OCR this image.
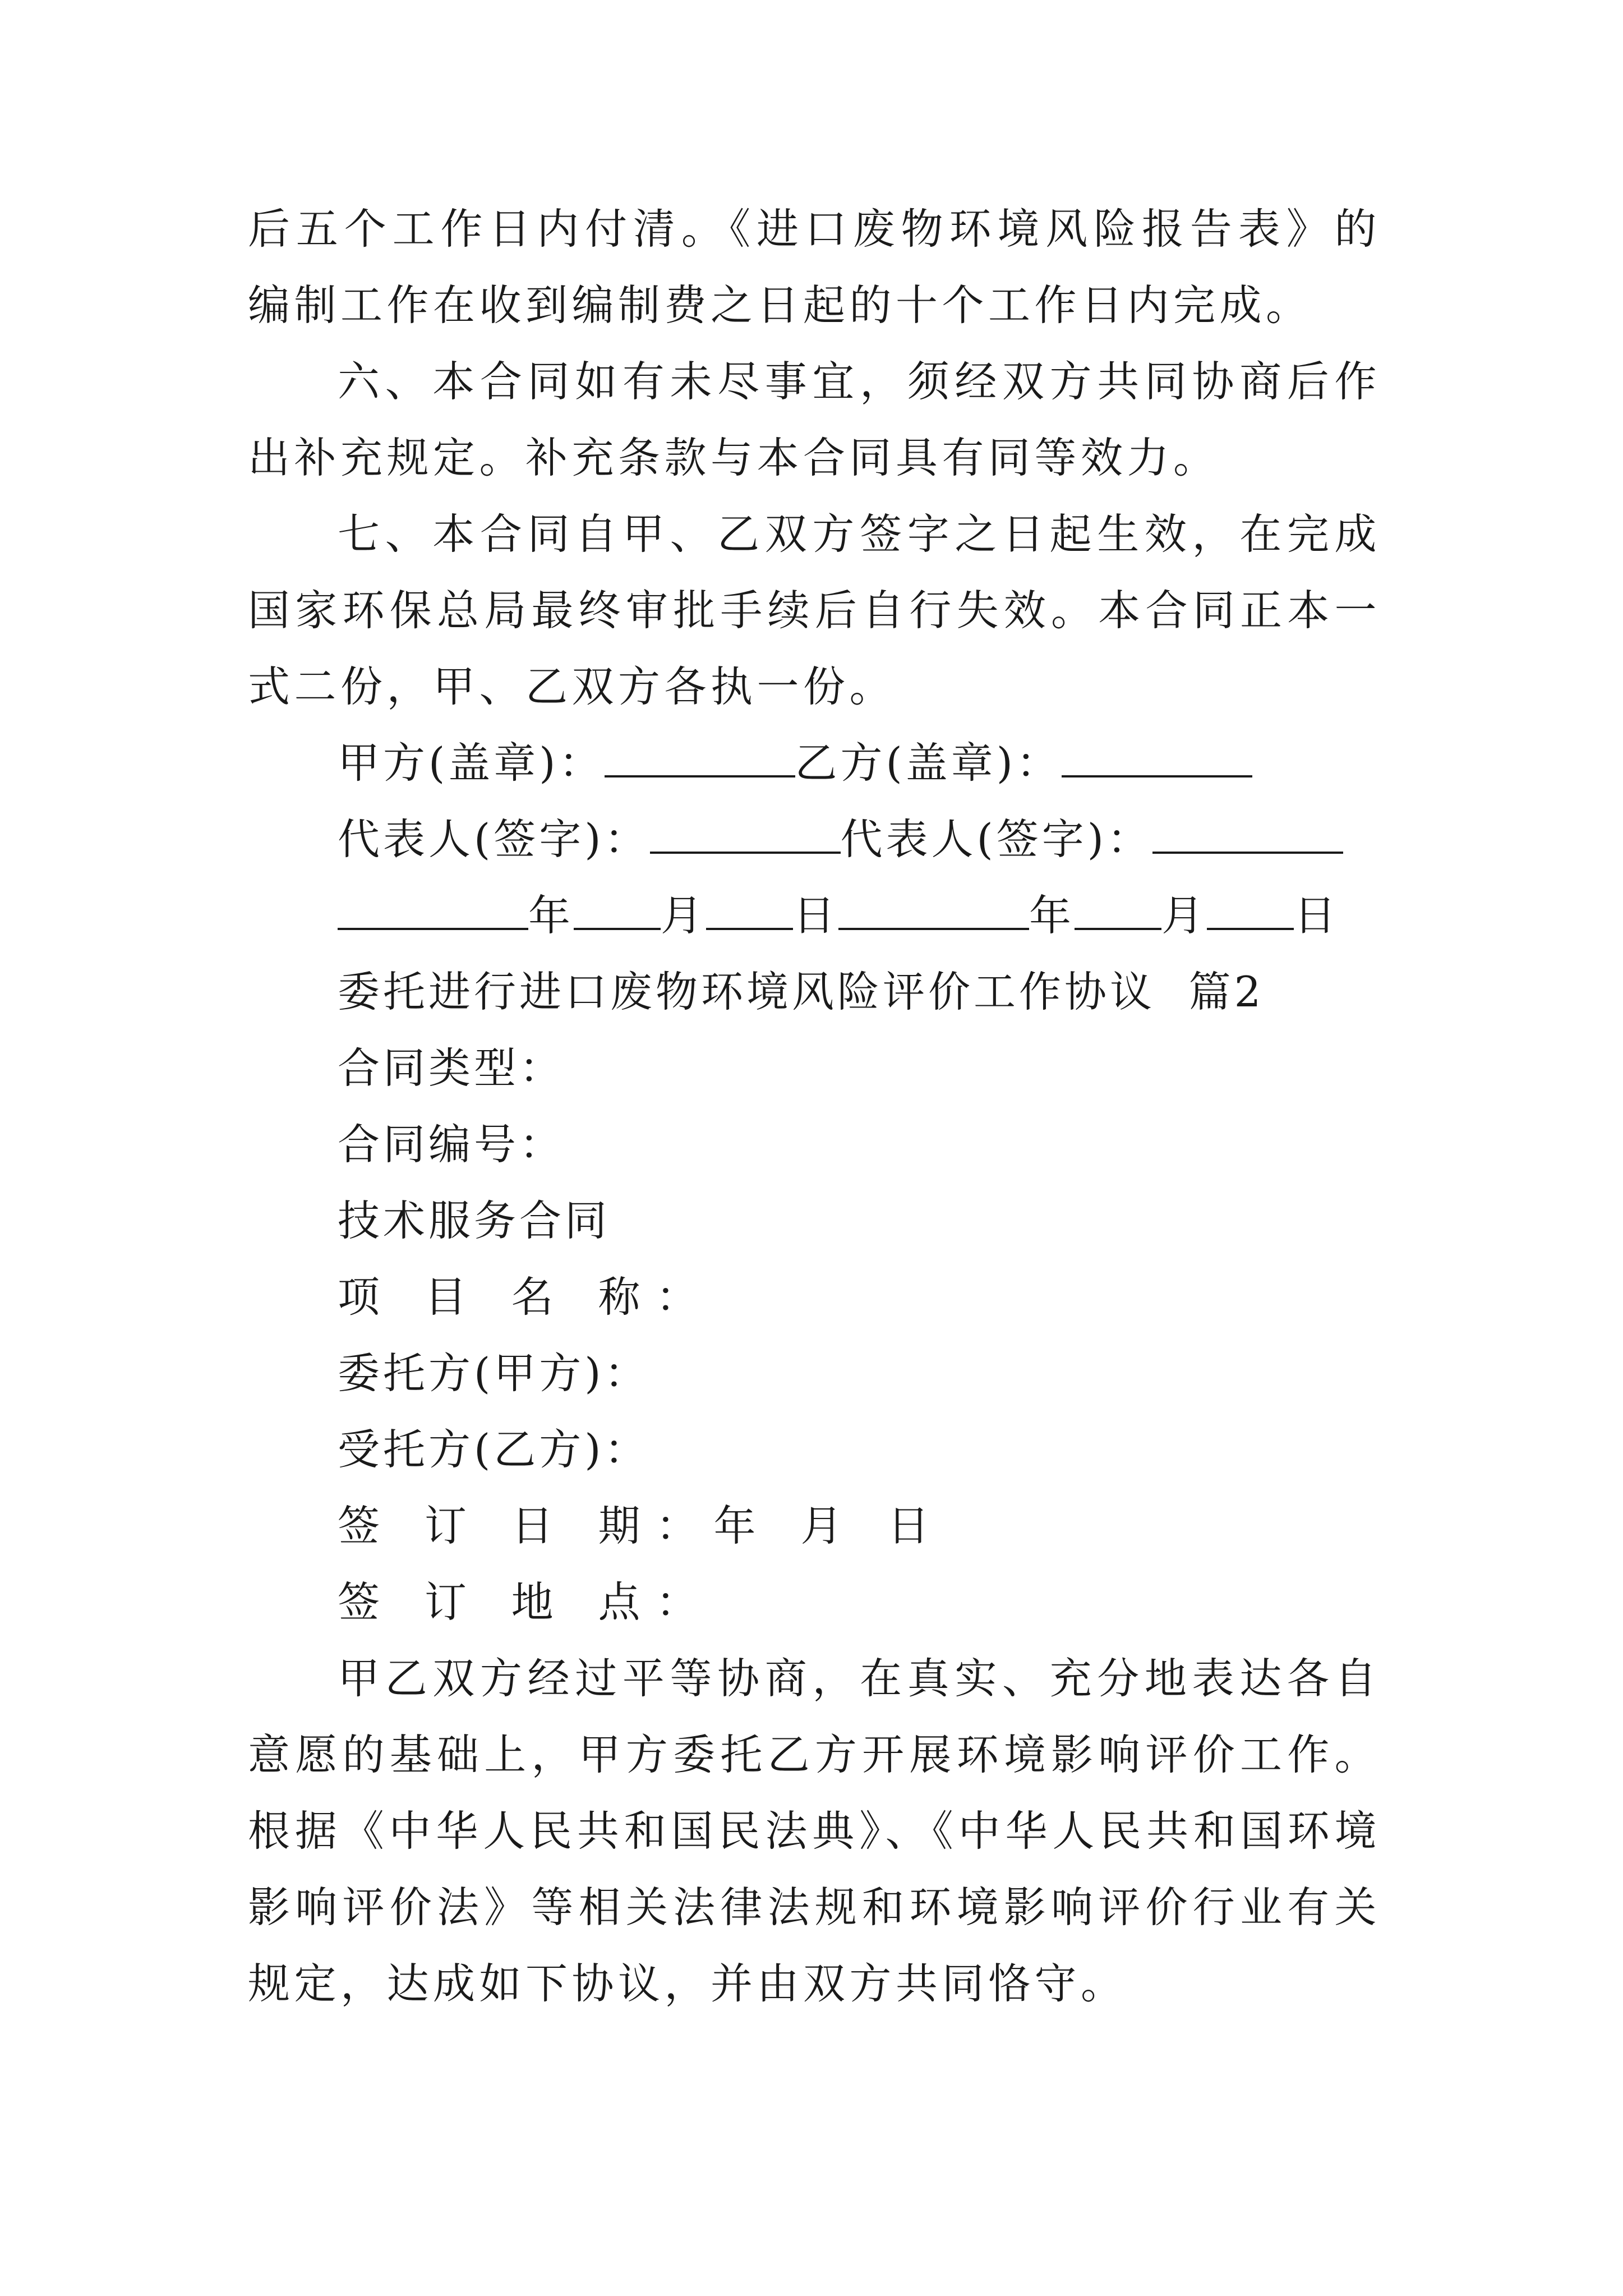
后五个工作日内付清。《进口废物环境风险报告表》的编制工作在收到编制费之日起的十个工作日内完成。

六、本合同如有未尽事宜，须经双方共同协商后作出补充规定。补充条款与本合同具有同等效力。

七、本合同自甲、乙双方签字之日起生效，在完成国家环保总局最终审批手续后自行失效。本合同正本一式二份，甲、乙双方各执一份。

甲方(盖章)：	乙方(盖章)：

代表人(签字)：	代表人(签字)：

年 月 日	年 月 日

委托进行进口废物环境风险评价工作协议  篇2

合同类型：

合同编号：

技术服务合同

项 目 名 称：

委托方(甲方)：

受托方(乙方)：

签 订 日 期：年 月 日

签 订 地 点：

甲乙双方经过平等协商，在真实、充分地表达各自意愿的基础上，甲方委托乙方开展环境影响评价工作。根据《中华人民共和国民法典》、《中华人民共和国环境影响评价法》等相关法律法规和环境影响评价行业有关规定，达成如下协议，并由双方共同恪守。
